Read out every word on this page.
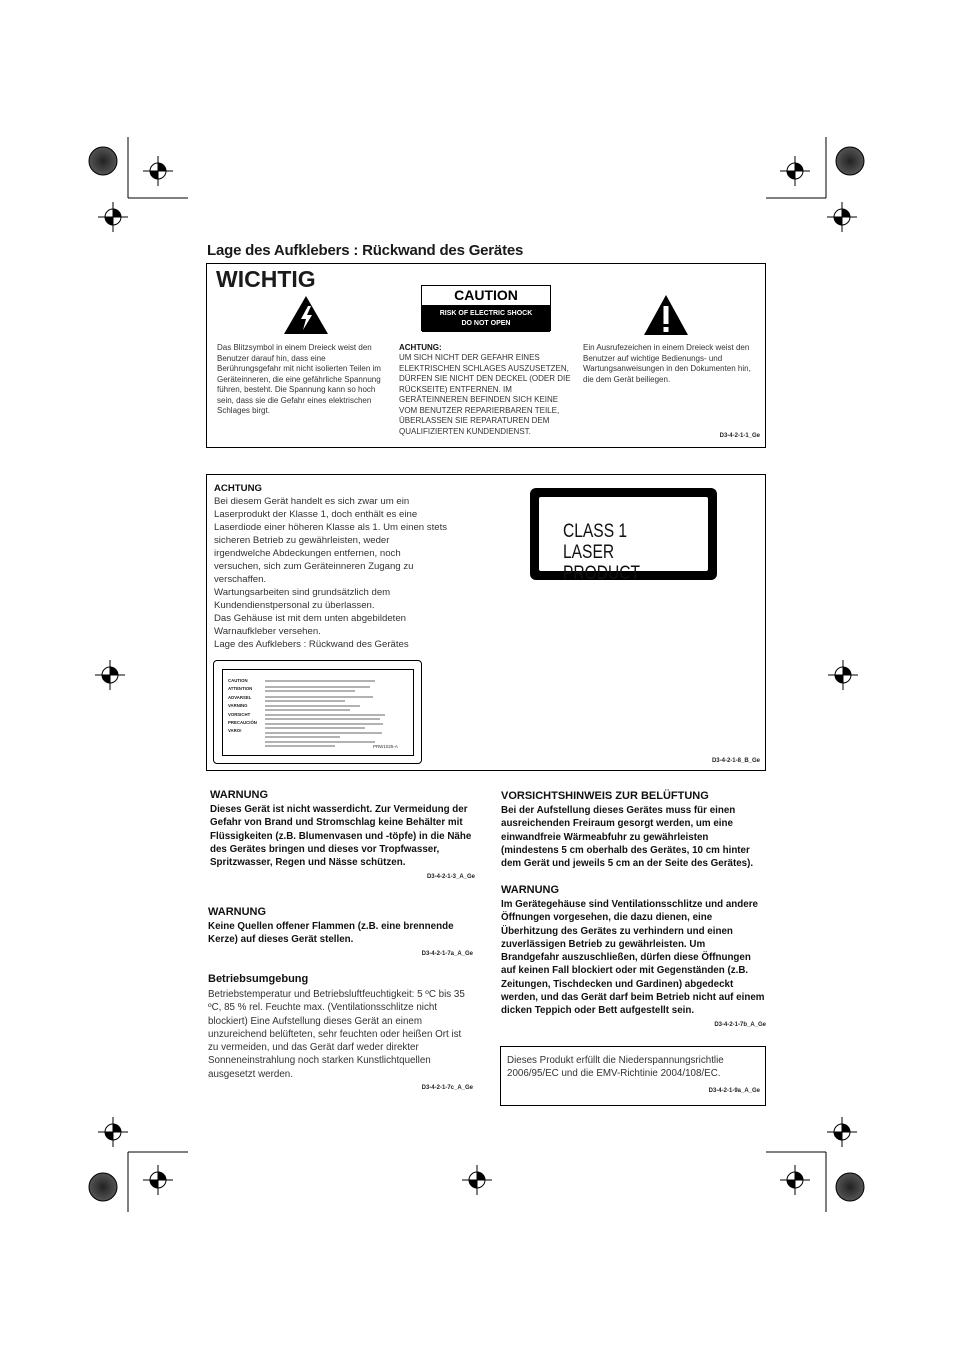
Lage des Aufklebers : Rückwand des Gerätes
WICHTIG
CAUTION
RISK OF ELECTRIC SHOCK
DO NOT OPEN
Das Blitzsymbol in einem Dreieck weist den Benutzer darauf hin, dass eine Berührungsgefahr mit nicht isolierten Teilen im Geräteinneren, die eine gefährliche Spannung führen, besteht. Die Spannung kann so hoch sein, dass sie die Gefahr eines elektrischen Schlages birgt.
ACHTUNG:
UM SICH NICHT DER GEFAHR EINES ELEKTRISCHEN SCHLAGES AUSZUSETZEN, DÜRFEN SIE NICHT DEN DECKEL (ODER DIE RÜCKSEITE) ENTFERNEN. IM GERÄTEINNEREN BEFINDEN SICH KEINE VOM BENUTZER REPARIERBAREN TEILE, ÜBERLASSEN SIE REPARATUREN DEM QUALIFIZIERTEN KUNDENDIENST.
Ein Ausrufezeichen in einem Dreieck weist den Benutzer auf wichtige Bedienungs- und Wartungsanweisungen in den Dokumenten hin, die dem Gerät beiliegen.
D3-4-2-1-1_Ge
ACHTUNG
Bei diesem Gerät handelt es sich zwar um ein
Laserprodukt der Klasse 1, doch enthält es eine
Laserdiode einer höheren Klasse als 1. Um einen stets
sicheren Betrieb zu gewährleisten, weder
irgendwelche Abdeckungen entfernen, noch
versuchen, sich zum Geräteinneren Zugang zu
verschaffen.
Wartungsarbeiten sind grundsätzlich dem
Kundendienstpersonal zu überlassen.
Das Gehäuse ist mit dem unten abgebildeten
Warnaufkleber versehen.
Lage des Aufklebers : Rückwand des Gerätes
CLASS 1
LASER PRODUCT
CAUTION
ATTENTION
ADVARSEL
VARNING
VORSICHT
PRECAUCIÓN
VARO!
PRW1025-A
D3-4-2-1-8_B_Ge
WARNUNG
Dieses Gerät ist nicht wasserdicht. Zur Vermeidung der Gefahr von Brand und Stromschlag keine Behälter mit Flüssigkeiten (z.B. Blumenvasen und -töpfe) in die Nähe des Gerätes bringen und dieses vor Tropfwasser, Spritzwasser, Regen und Nässe schützen.
D3-4-2-1-3_A_Ge
WARNUNG
Keine Quellen offener Flammen (z.B. eine brennende Kerze) auf dieses Gerät stellen.
D3-4-2-1-7a_A_Ge
Betriebsumgebung
Betriebstemperatur und Betriebsluftfeuchtigkeit: 5 ºC bis 35 ºC, 85 % rel. Feuchte max. (Ventilationsschlitze nicht blockiert) Eine Aufstellung dieses Gerät an einem unzureichend belüfteten, sehr feuchten oder heißen Ort ist zu vermeiden, und das Gerät darf weder direkter Sonneneinstrahlung noch starken Kunstlichtquellen ausgesetzt werden.
D3-4-2-1-7c_A_Ge
VORSICHTSHINWEIS ZUR BELÜFTUNG
Bei der Aufstellung dieses Gerätes muss für einen ausreichenden Freiraum gesorgt werden, um eine einwandfreie Wärmeabfuhr zu gewährleisten (mindestens 5 cm oberhalb des Gerätes, 10 cm hinter dem Gerät und jeweils 5 cm an der Seite des Gerätes).
WARNUNG
Im Gerätegehäuse sind Ventilationsschlitze und andere Öffnungen vorgesehen, die dazu dienen, eine Überhitzung des Gerätes zu verhindern und einen zuverlässigen Betrieb zu gewährleisten. Um Brandgefahr auszuschließen, dürfen diese Öffnungen auf keinen Fall blockiert oder mit Gegenständen (z.B. Zeitungen, Tischdecken und Gardinen) abgedeckt werden, und das Gerät darf beim Betrieb nicht auf einem dicken Teppich oder Bett aufgestellt sein.
D3-4-2-1-7b_A_Ge
Dieses Produkt erfüllt die Niederspannungsrichtlie 2006/95/EC und die EMV-Richtinie 2004/108/EC.
D3-4-2-1-9a_A_Ge
